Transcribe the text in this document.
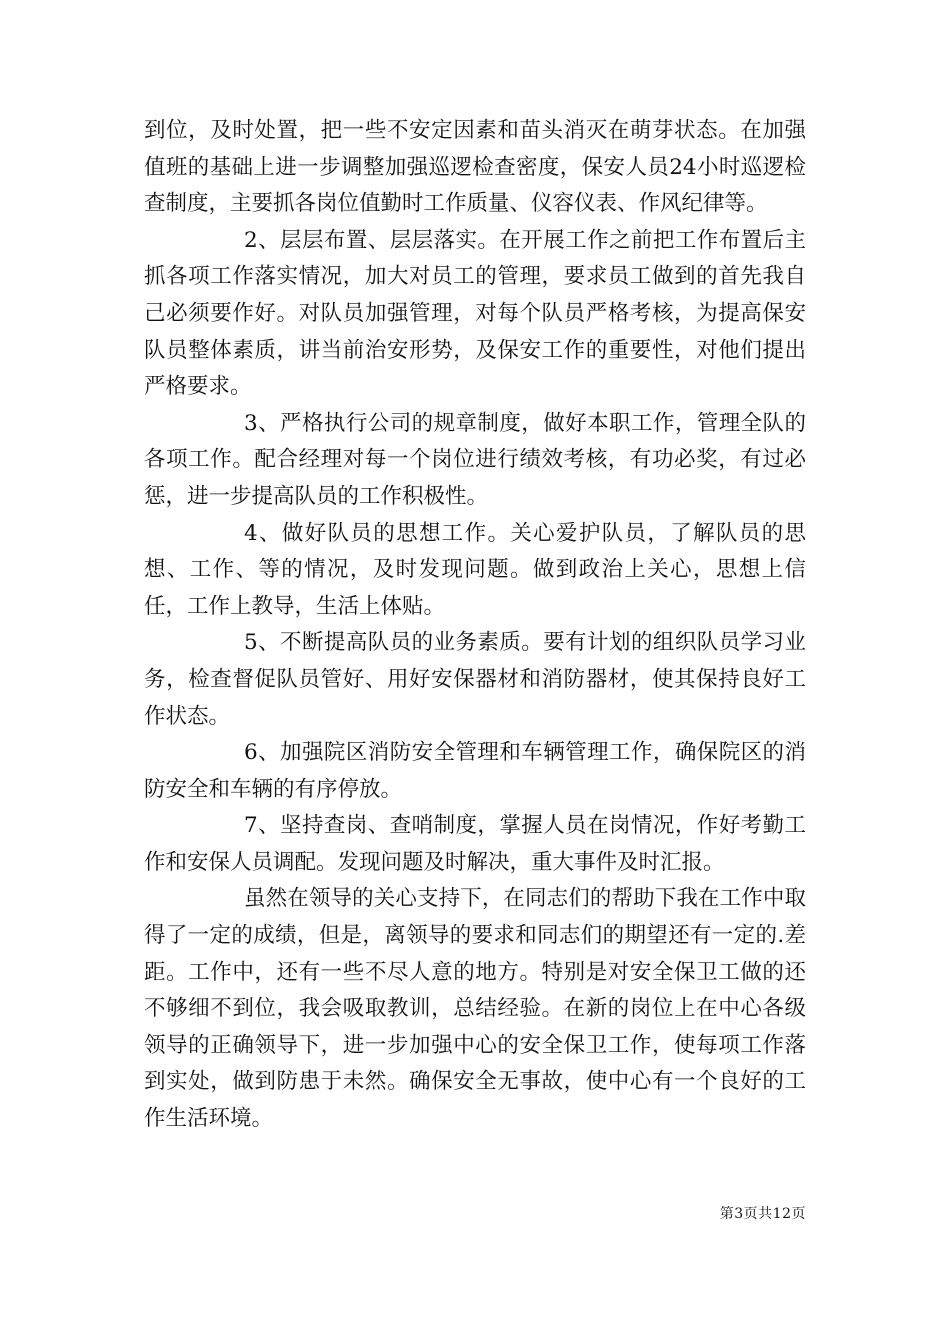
到位，及时处置，把一些不安定因素和苗头消灭在萌芽状态。在加强值班的基础上进一步调整加强巡逻检查密度，保安人员24小时巡逻检查制度，主要抓各岗位值勤时工作质量、仪容仪表、作风纪律等。

2、层层布置、层层落实。在开展工作之前把工作布置后主抓各项工作落实情况，加大对员工的管理，要求员工做到的首先我自己必须要作好。对队员加强管理，对每个队员严格考核，为提高保安队员整体素质，讲当前治安形势，及保安工作的重要性，对他们提出严格要求。

3、严格执行公司的规章制度，做好本职工作，管理全队的各项工作。配合经理对每一个岗位进行绩效考核，有功必奖，有过必惩，进一步提高队员的工作积极性。

4、做好队员的思想工作。关心爱护队员，了解队员的思想、工作、等的情况，及时发现问题。做到政治上关心，思想上信任，工作上教导，生活上体贴。

5、不断提高队员的业务素质。要有计划的组织队员学习业务，检查督促队员管好、用好安保器材和消防器材，使其保持良好工作状态。

6、加强院区消防安全管理和车辆管理工作，确保院区的消防安全和车辆的有序停放。

7、坚持查岗、查哨制度，掌握人员在岗情况，作好考勤工作和安保人员调配。发现问题及时解决，重大事件及时汇报。

虽然在领导的关心支持下，在同志们的帮助下我在工作中取得了一定的成绩，但是，离领导的要求和同志们的期望还有一定的.差距。工作中，还有一些不尽人意的地方。特别是对安全保卫工做的还不够细不到位，我会吸取教训，总结经验。在新的岗位上在中心各级领导的正确领导下，进一步加强中心的安全保卫工作，使每项工作落到实处，做到防患于未然。确保安全无事故，使中心有一个良好的工作生活环境。

第3页共12页
